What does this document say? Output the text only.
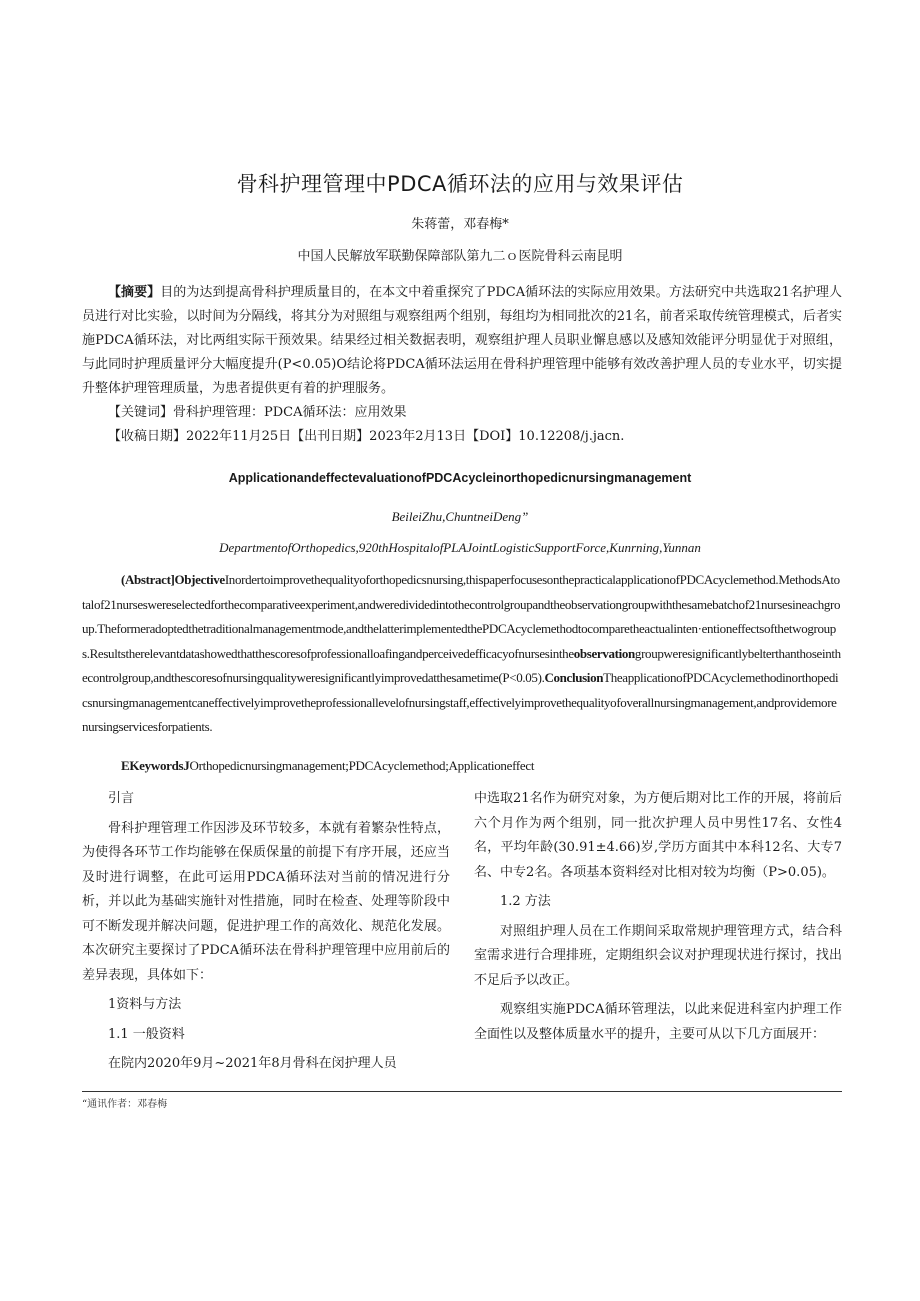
骨科护理管理中PDCA循环法的应用与效果评估
朱蒋蕾，邓春梅*
中国人民解放军联勤保障部队第九二ｏ医院骨科云南昆明

【摘要】目的为达到提高骨科护理质量目的，在本文中着重探究了PDCA循环法的实际应用效果。方法研究中共选取21名护理人员进行对比实验，以时间为分隔线，将其分为对照组与观察组两个组别，每组均为相同批次的21名，前者采取传统管理模式，后者实施PDCA循环法，对比两组实际干预效果。结果经过相关数据表明，观察组护理人员职业懈息感以及感知效能评分明显优于对照组，与此同时护理质量评分大幅度提升(P<0.05)O结论将PDCA循环法运用在骨科护理管理中能够有效改善护理人员的专业水平，切实提升整体护理管理质量，为患者提供更有着的护理服务。

【关键词】骨科护理管理：PDCA循环法：应用效果

【收稿日期】2022年11月25日【出刊日期】2023年2月13日【DOI】10.12208/j.jacn.

ApplicationandeffectevaluationofPDCAcycleinorthopedicnursingmanagement
BeileiZhu,ChuntneiDeng”
DepartmentofOrthopedics,920thHospitalofPLAJointLogisticSupportForce,Kunrning,Yunnan

(Abstract]ObjectiveInordertoimprovethequalityoforthopedicsnursing,thispaperfocusesonthepracticalapplicationofPDCAcyclemethod.MethodsAtotalof21nurseswereselectedforthecomparativeexperiment,andweredividedintothecontrolgroupandtheobservationgroupwiththesamebatchof21nursesineachgroup.Theformeradoptedthetraditionalmanagementmode,andthelatterimplementedthePDCAcyclemethodtocomparetheactualinten·entioneffectsofthetwogroups.Resultstherelevantdatashowedthatthescoresofprofessionalloafingandperceivedefficacyofnursesintheobservationgroupweresignificantlybelterthanthoseinthecontrolgroup,andthescoresofnursingqualityweresignificantlyimprovedatthesametime(P<0.05).ConclusionTheapplicationofPDCAcyclemethodinorthopedicsnursingmanagementcaneffectivelyimprovetheprofessionallevelofnursingstaff,effectivelyimprovethequalityofoverallnursingmanagement,andprovidemorenursingservicesforpatients.

EKeywordsJOrthopedicnursingmanagement;PDCAcyclemethod;Applicationeffect
引言

骨科护理管理工作因涉及环节较多，本就有着繁杂性特点，为使得各环节工作均能够在保质保量的前提下有序开展，还应当及时进行调整，在此可运用PDCA循环法对当前的情况进行分析，并以此为基础实施针对性措施，同时在检查、处理等阶段中可不断发现并解决问题，促进护理工作的高效化、规范化发展。本次研究主要探讨了PDCA循环法在骨科护理管理中应用前后的差异表现，具体如下：

1资料与方法
1.1 一般资料

在院内2020年9月~2021年8月骨科在闵护理人员

中选取21名作为研究对象，为方便后期对比工作的开展，将前后六个月作为两个组别，同一批次护理人员中男性17名、女性4名，平均年龄(30.91±4.66)岁,学历方面其中本科12名、大专7名、中专2名。各项基本资料经对比相对较为均衡（P>0.05)。

1.2 方法

对照组护理人员在工作期间采取常规护理管理方式，结合科室需求进行合理排班，定期组织会议对护理现状进行探讨，找出不足后予以改正。

观察组实施PDCA循环管理法，以此来促进科室内护理工作全面性以及整体质量水平的提升，主要可从以下几方面展开：

“通讯作者：邓春梅
